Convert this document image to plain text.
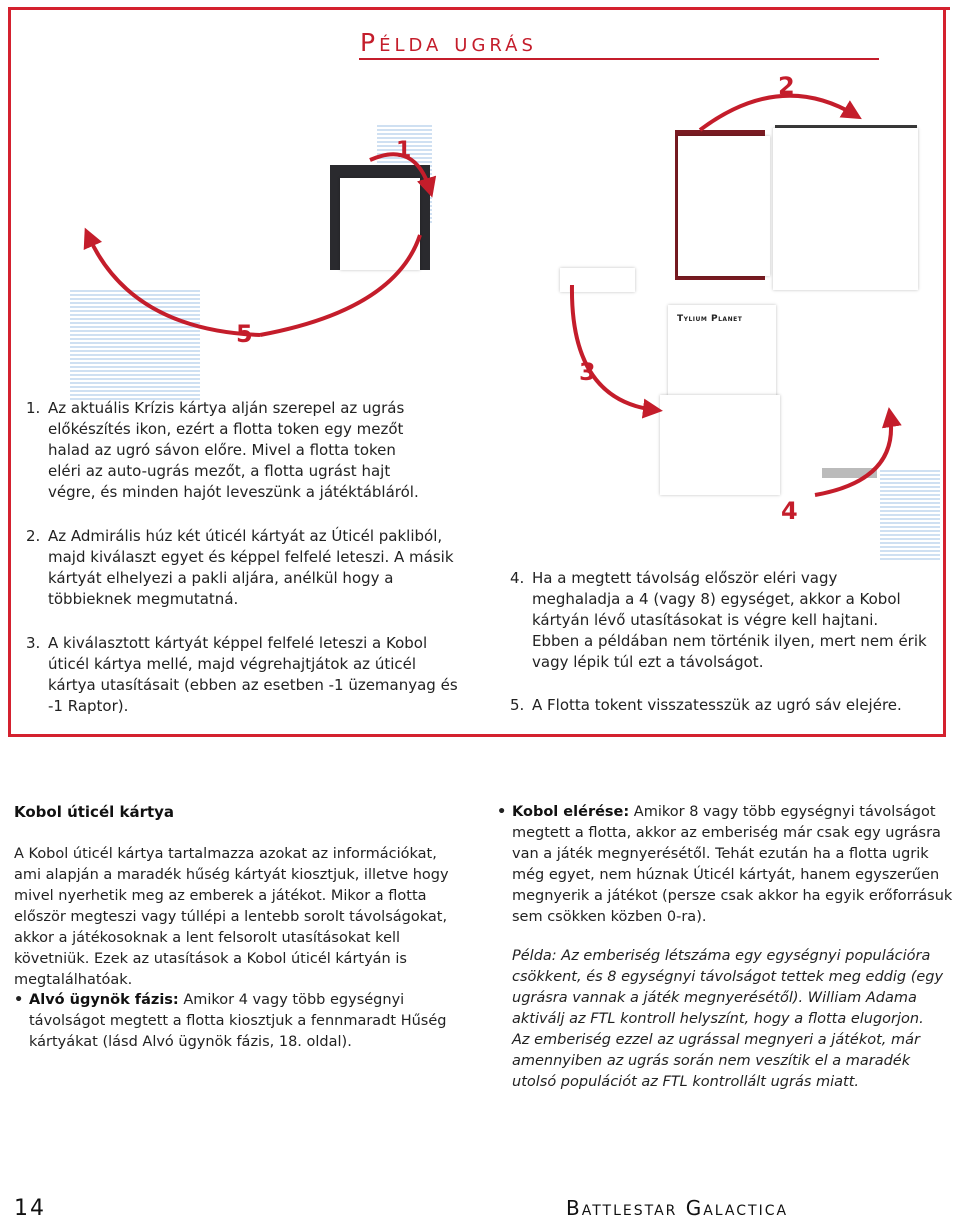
Példa ugrás
Tylium Planet
1
2
3
4
5
1. Az aktuális Krízis kártya alján szerepel az ugrás előkészítés ikon, ezért a flotta token egy mezőt halad az ugró sávon előre. Mivel a flotta token eléri az auto-ugrás mezőt, a flotta ugrást hajt végre, és minden hajót leveszünk a játéktábláról.
2. Az Admirális húz két úticél kártyát az Úticél pakliból, majd kiválaszt egyet és képpel felfelé leteszi. A másik kártyát elhelyezi a pakli aljára, anélkül hogy a többieknek megmutatná.
3. A kiválasztott kártyát képpel felfelé leteszi a Kobol úticél kártya mellé, majd végrehajtjátok az úticél kártya utasításait (ebben az esetben -1 üzemanyag és -1 Raptor).
4. Ha a megtett távolság először eléri vagy meghaladja a 4 (vagy 8) egységet, akkor a Kobol kártyán lévő utasításokat is végre kell hajtani. Ebben a példában nem történik ilyen, mert nem érik vagy lépik túl ezt a távolságot.
5. A Flotta tokent visszatesszük az ugró sáv elejére.
Kobol úticél kártya
A Kobol úticél kártya tartalmazza azokat az információkat, ami alapján a maradék hűség kártyát kiosztjuk, illetve hogy mivel nyerhetik meg az emberek a játékot. Mikor a flotta először megteszi vagy túllépi a lentebb sorolt távolságokat, akkor a játékosoknak a lent felsorolt utasításokat kell követniük. Ezek az utasítások a Kobol úticél kártyán is megtalálhatóak.
• Alvó ügynök fázis: Amikor 4 vagy több egységnyi távolságot megtett a flotta kiosztjuk a fennmaradt Hűség kártyákat (lásd Alvó ügynök fázis, 18. oldal).
• Kobol elérése: Amikor 8 vagy több egységnyi távolságot megtett a flotta, akkor az emberiség már csak egy ugrásra van a játék megnyerésétől. Tehát ezután ha a flotta ugrik még egyet, nem húznak Úticél kártyát, hanem egyszerűen megnyerik a játékot (persze csak akkor ha egyik erőforrásuk sem csökken közben 0-ra).

Példa: Az emberiség létszáma egy egységnyi populációra csökkent, és 8 egységnyi távolságot tettek meg eddig (egy ugrásra vannak a játék megnyerésétől). William Adama aktiválj az FTL kontroll helyszínt, hogy a flotta elugorjon.

Az emberiség ezzel az ugrással megnyeri a játékot, már amennyiben az ugrás során nem veszítik el a maradék utolsó populációt az FTL kontrollált ugrás miatt.

14	Battlestar Galactica
